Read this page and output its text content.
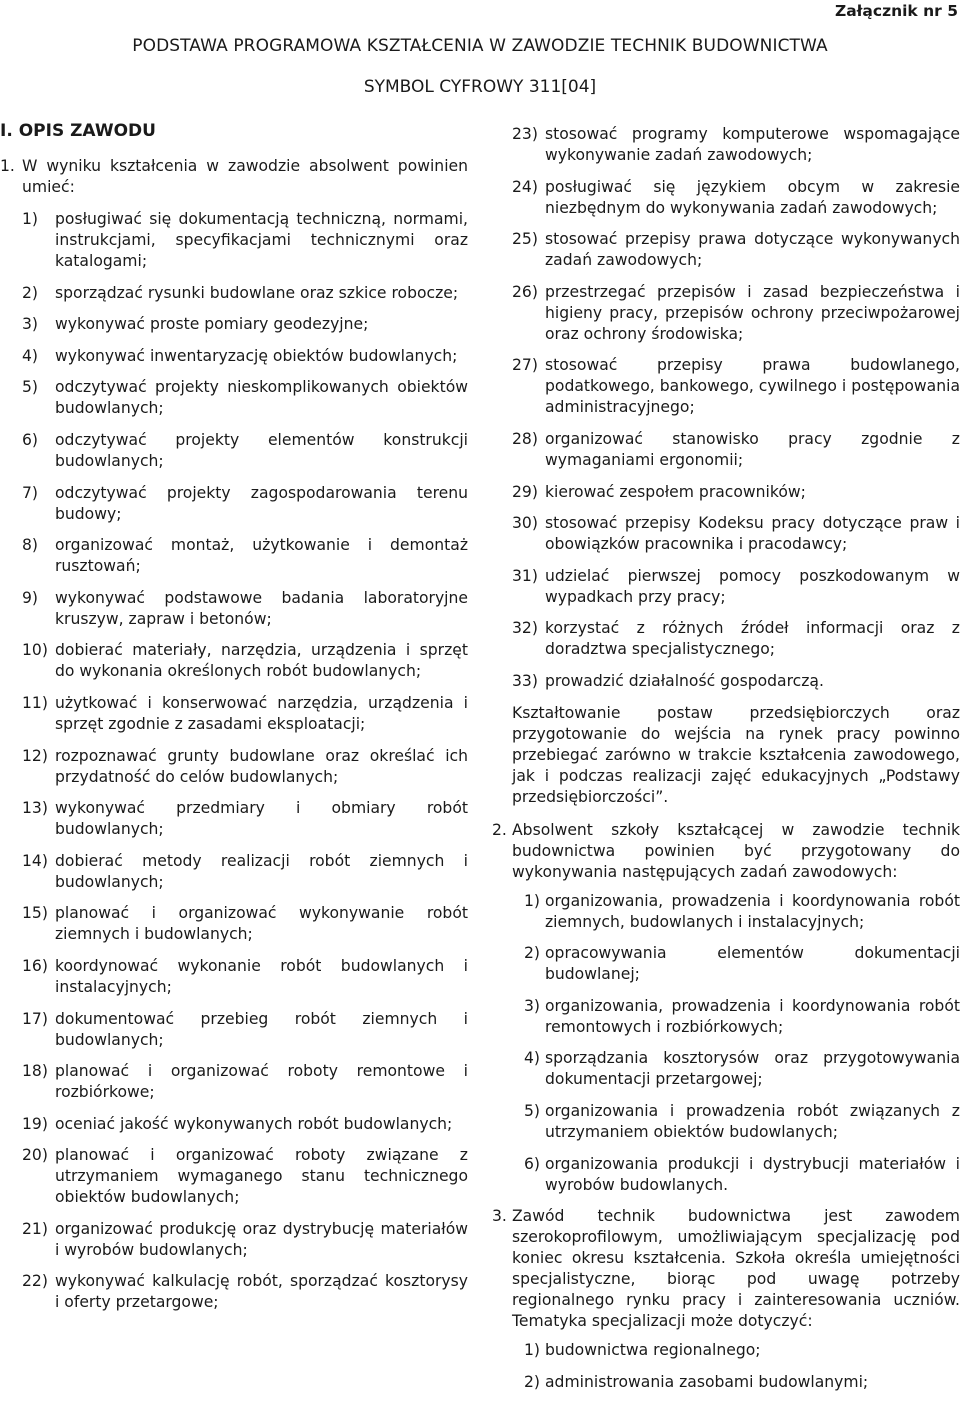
Załącznik nr 5
PODSTAWA PROGRAMOWA KSZTAŁCENIA W ZAWODZIE TECHNIK BUDOWNICTWA
SYMBOL CYFROWY 311[04]
I. OPIS ZAWODU
1. W wyniku kształcenia w zawodzie absolwent powinien umieć:
1)	posługiwać się dokumentacją techniczną, normami, instrukcjami, specyfikacjami technicznymi oraz katalogami;
2)	sporządzać rysunki budowlane oraz szkice robocze;
3)	wykonywać proste pomiary geodezyjne;
4)	wykonywać inwentaryzację obiektów budowlanych;
5)	odczytywać projekty nieskomplikowanych obiektów budowlanych;
6)	odczytywać projekty elementów konstrukcji budowlanych;
7)	odczytywać projekty zagospodarowania terenu budowy;
8)	organizować montaż, użytkowanie i demontaż rusztowań;
9)	wykonywać podstawowe badania laboratoryjne kruszyw, zapraw i betonów;
10) dobierać materiały, narzędzia, urządzenia i sprzęt do wykonania określonych robót budowlanych;
11) użytkować i konserwować narzędzia, urządzenia i sprzęt zgodnie z zasadami eksploatacji;
12) rozpoznawać grunty budowlane oraz określać ich przydatność do celów budowlanych;
13) wykonywać przedmiary i obmiary robót budowlanych;
14) dobierać metody realizacji robót ziemnych i budowlanych;
15) planować i organizować wykonywanie robót ziemnych i budowlanych;
16) koordynować wykonanie robót budowlanych i instalacyjnych;
17) dokumentować przebieg robót ziemnych i budowlanych;
18) planować i organizować roboty remontowe i rozbiórkowe;
19) oceniać jakość wykonywanych robót budowlanych;
20) planować i organizować roboty związane z utrzymaniem wymaganego stanu technicznego obiektów budowlanych;
21) organizować produkcję oraz dystrybucję materiałów i wyrobów budowlanych;
22) wykonywać kalkulację robót, sporządzać kosztorysy i oferty przetargowe;
23) stosować programy komputerowe wspomagające wykonywanie zadań zawodowych;
24) posługiwać się językiem obcym w zakresie niezbędnym do wykonywania zadań zawodowych;
25) stosować przepisy prawa dotyczące wykonywanych zadań zawodowych;
26) przestrzegać przepisów i zasad bezpieczeństwa i higieny pracy, przepisów ochrony przeciwpożarowej oraz ochrony środowiska;
27) stosować przepisy prawa budowlanego, podatkowego, bankowego, cywilnego i postępowania administracyjnego;
28) organizować stanowisko pracy zgodnie z wymaganiami ergonomii;
29) kierować zespołem pracowników;
30) stosować przepisy Kodeksu pracy dotyczące praw i obowiązków pracownika i pracodawcy;
31) udzielać pierwszej pomocy poszkodowanym w wypadkach przy pracy;
32) korzystać z różnych źródeł informacji oraz z doradztwa specjalistycznego;
33) prowadzić działalność gospodarczą.
Kształtowanie postaw przedsiębiorczych oraz przygotowanie do wejścia na rynek pracy powinno przebiegać zarówno w trakcie kształcenia zawodowego, jak i podczas realizacji zajęć edukacyjnych „Podstawy przedsiębiorczości”.
2. Absolwent szkoły kształcącej w zawodzie technik budownictwa powinien być przygotowany do wykonywania następujących zadań zawodowych:
1) organizowania, prowadzenia i koordynowania robót ziemnych, budowlanych i instalacyjnych;
2) opracowywania elementów dokumentacji budowlanej;
3) organizowania, prowadzenia i koordynowania robót remontowych i rozbiórkowych;
4) sporządzania kosztorysów oraz przygotowywania dokumentacji przetargowej;
5) organizowania i prowadzenia robót związanych z utrzymaniem obiektów budowlanych;
6) organizowania produkcji i dystrybucji materiałów i wyrobów budowlanych.
3. Zawód technik budownictwa jest zawodem szerokoprofilowym, umożliwiającym specjalizację pod koniec okresu kształcenia. Szkoła określa umiejętności specjalistyczne, biorąc pod uwagę potrzeby regionalnego rynku pracy i zainteresowania uczniów. Tematyka specjalizacji może dotyczyć:
1) budownictwa regionalnego;
2) administrowania zasobami budowlanymi;
